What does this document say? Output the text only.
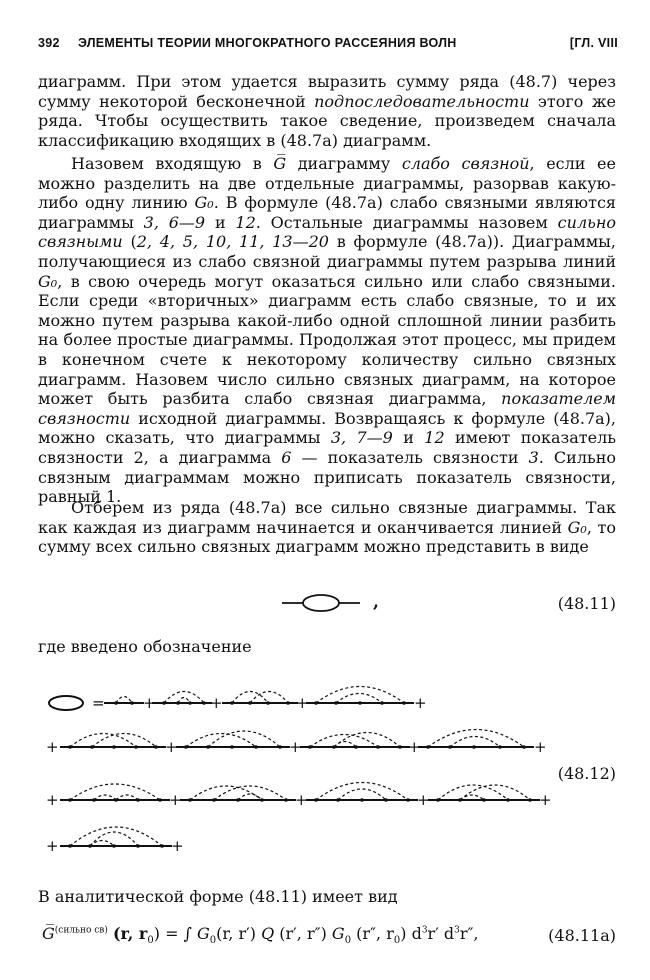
392 ЭЛЕМЕНТЫ ТЕОРИИ МНОГОКРАТНОГО РАССЕЯНИЯ ВОЛН	[ГЛ. VIII
диаграмм. При этом удается выразить сумму ряда (48.7) через сумму некоторой бесконечной подпоследовательности этого же ряда. Чтобы осуществить такое сведение, произведем сначала классификацию входящих в (48.7а) диаграмм.
Назовем входящую в G̅ диаграмму слабо связной, если ее можно разделить на две отдельные диаграммы, разорвав какую-либо одну линию G₀. В формуле (48.7а) слабо связными являются диаграммы 3, 6—9 и 12. Остальные диаграммы назовем сильно связными (2, 4, 5, 10, 11, 13—20 в формуле (48.7а)). Диаграммы, получающиеся из слабо связной диаграммы путем разрыва линий G₀, в свою очередь могут оказаться сильно или слабо связными. Если среди «вторичных» диаграмм есть слабо связные, то и их можно путем разрыва какой-либо одной сплошной линии разбить на более простые диаграммы. Продолжая этот процесс, мы придем в конечном счете к некоторому количеству сильно связных диаграмм. Назовем число сильно связных диаграмм, на которое может быть разбита слабо связная диаграмма, показателем связности исходной диаграммы. Возвращаясь к формуле (48.7а), можно сказать, что диаграммы 3, 7—9 и 12 имеют показатель связности 2, а диаграмма 6 — показатель связности 3. Сильно связным диаграммам можно приписать показатель связности, равный 1.
Отберем из ряда (48.7а) все сильно связные диаграммы. Так как каждая из диаграмм начинается и оканчивается линией G₀, то сумму всех сильно связных диаграмм можно представить в виде
,	(48.11)
где введено обозначение
=	+	+	+	+
+	+	+	+	+
+	+	+	+	+
+	+
(48.12)
В аналитической форме (48.11) имеет вид
G̅$^{(сильно св)}$ (r, $r_0$) = ∫ $G_0(r$, r′) Q (r′, r″) $G_0$ (r″, $r_0$) $d^3r'$ $d^3r''$,	(48.11а)
